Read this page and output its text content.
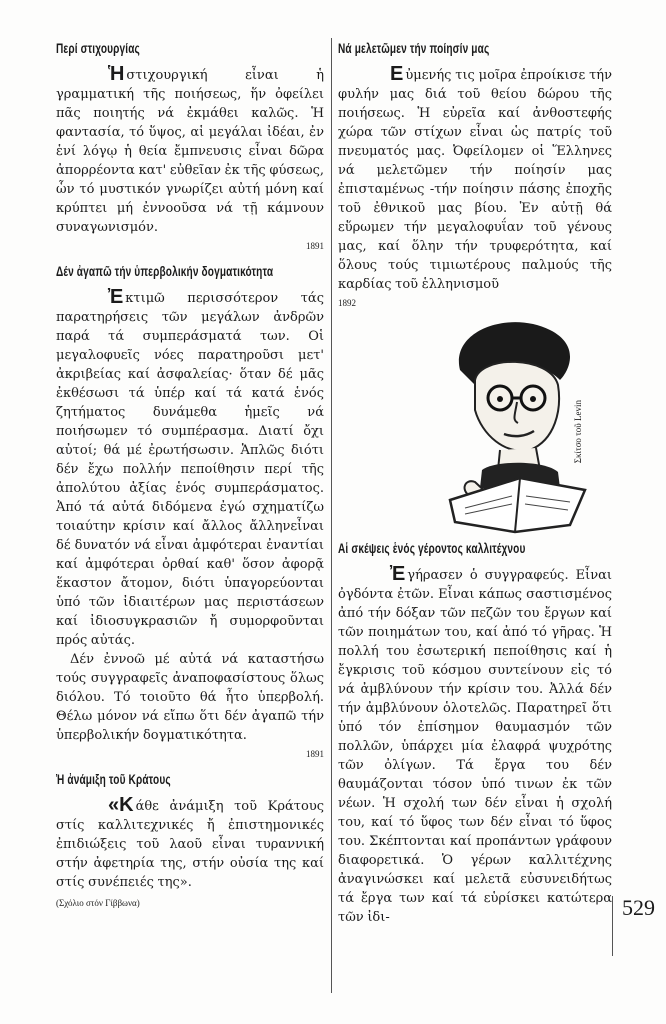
Περί στιχουργίας

Ἡστιχουργική εἶναι ἡ γραμματική τῆς ποιήσεως, ἥν ὀφείλει πᾶς ποιητής νά ἐκμάθει καλῶς. Ἡ φαντασία, τό ὕψος, αἱ μεγάλαι ἰδέαι, ἐν ἑνί λόγῳ ἡ θεία ἔμπνευσις εἶναι δῶρα ἀπορρέοντα κατ' εὐθεῖαν ἐκ τῆς φύσεως, ὧν τό μυστικόν γνωρίζει αὐτή μόνη καί κρύπτει μή ἐννοοῦσα νά τῇ κάμνουν συναγωνισμόν.

1891
Δέν ἀγαπῶ τήν ὑπερβολικήν δογματικότητα

Ἐκτιμῶ περισσότερον τάς παρατηρήσεις τῶν μεγάλων ἀνδρῶν παρά τά συμπεράσματά των. Οἱ μεγαλοφυεῖς νόες παρατηροῦσι μετ' ἀκριβείας καί ἀσφαλείας· ὅταν δέ μᾶς ἐκθέσωσι τά ὑπέρ καί τά κατά ἑνός ζητήματος δυνάμεθα ἡμεῖς νά ποιήσωμεν τό συμπέρασμα. Διατί ὄχι αὐτοί; θά μέ ἐρωτήσωσιν. Ἁπλῶς διότι δέν ἔχω πολλήν πεποίθησιν περί τῆς ἀπολύτου ἀξίας ἑνός συμπεράσματος. Ἀπό τά αὐτά διδόμενα ἐγώ σχηματίζω τοιαύτην κρίσιν καί ἄλλος ἄλληνεἶναι δέ δυνατόν νά εἶναι ἀμφότεραι ἐναντίαι καί ἀμφότεραι ὀρθαί καθ' ὅσον ἀφορᾷ ἕκαστον ἄτομον, διότι ὑπαγορεύονται ὑπό τῶν ἰδιαιτέρων μας περιστάσεων καί ἰδιοσυγκρασιῶν ἤ συμορφοῦνται πρός αὐτάς.

Δέν ἐννοῶ μέ αὐτά νά καταστήσω τούς συγγραφεῖς ἀναποφασίστους ὅλως διόλου. Τό τοιοῦτο θά ἦτο ὑπερβολή. Θέλω μόνον νά εἴπω ὅτι δέν ἀγαπῶ τήν ὑπερβολικήν δογματικότητα.

1891
Ἡ ἀνάμιξη τοῦ Κράτους

«Κάθε ἀνάμιξη τοῦ Κράτους στίς καλλιτεχνικές ἤ ἐπιστημονικές ἐπιδιώξεις τοῦ λαοῦ εἶναι τυραννική στήν ἀφετηρία της, στήν οὐσία της καί στίς συνέπειές της».

(Σχόλιο στόν Γίββωνα)
Νά μελετῶμεν τήν ποίησίν μας

Εὐμενής τις μοῖρα ἐπροίκισε τήν φυλήν μας διά τοῦ θείου δώρου τῆς ποιήσεως. Ἡ εὐρεῖα καί ἀνθοστεφής χώρα τῶν στίχων εἶναι ὡς πατρίς τοῦ πνευματός μας. Ὀφείλομεν οἱ Ἕλληνες νά μελετῶμεν τήν ποίησίν μας ἐπισταμένως -τήν ποίησιν πάσης ἐποχῆς τοῦ ἐθνικοῦ μας βίου. Ἐν αὐτῇ θά εὕρωμεν τήν μεγαλοφυΐαν τοῦ γένους μας, καί ὅλην τήν τρυφερότητα, καί ὅλους τούς τιμιωτέρους παλμούς τῆς καρδίας τοῦ ἑλληνισμοῦ

1892
Αἱ σκέψεις ἑνός γέροντος καλλιτέχνου

Ἐγήρασεν ὁ συγγραφεύς. Εἶναι ὀγδόντα ἐτῶν. Εἶναι κάπως σαστισμένος ἀπό τήν δόξαν τῶν πεζῶν του ἔργων καί τῶν ποιημάτων του, καί ἀπό τό γῆρας. Ἡ πολλή του ἐσωτερική πεποίθησις καί ἡ ἔγκρισις τοῦ κόσμου συντείνουν εἰς τό νά ἀμβλύνουν τήν κρίσιν του. Ἀλλά δέν τήν ἀμβλύνουν ὁλοτελῶς. Παρατηρεῖ ὅτι ὑπό τόν ἐπίσημον θαυμασμόν τῶν πολλῶν, ὑπάρχει μία ἐλαφρά ψυχρότης τῶν ὀλίγων. Τά ἔργα του δέν θαυμάζονται τόσον ὑπό τινων ἐκ τῶν νέων. Ἡ σχολή των δέν εἶναι ἡ σχολή του, καί τό ὕφος των δέν εἶναι τό ὕφος του. Σκέπτονται καί προπάντων γράφουν διαφορετικά. Ὁ γέρων καλλιτέχνης ἀναγινώσκει καί μελετᾶ εὐσυνειδήτως τά ἔργα των καί τά εὑρίσκει κατώτερα τῶν ἰδι-

Σκίτσο τοῦ Levin
529
